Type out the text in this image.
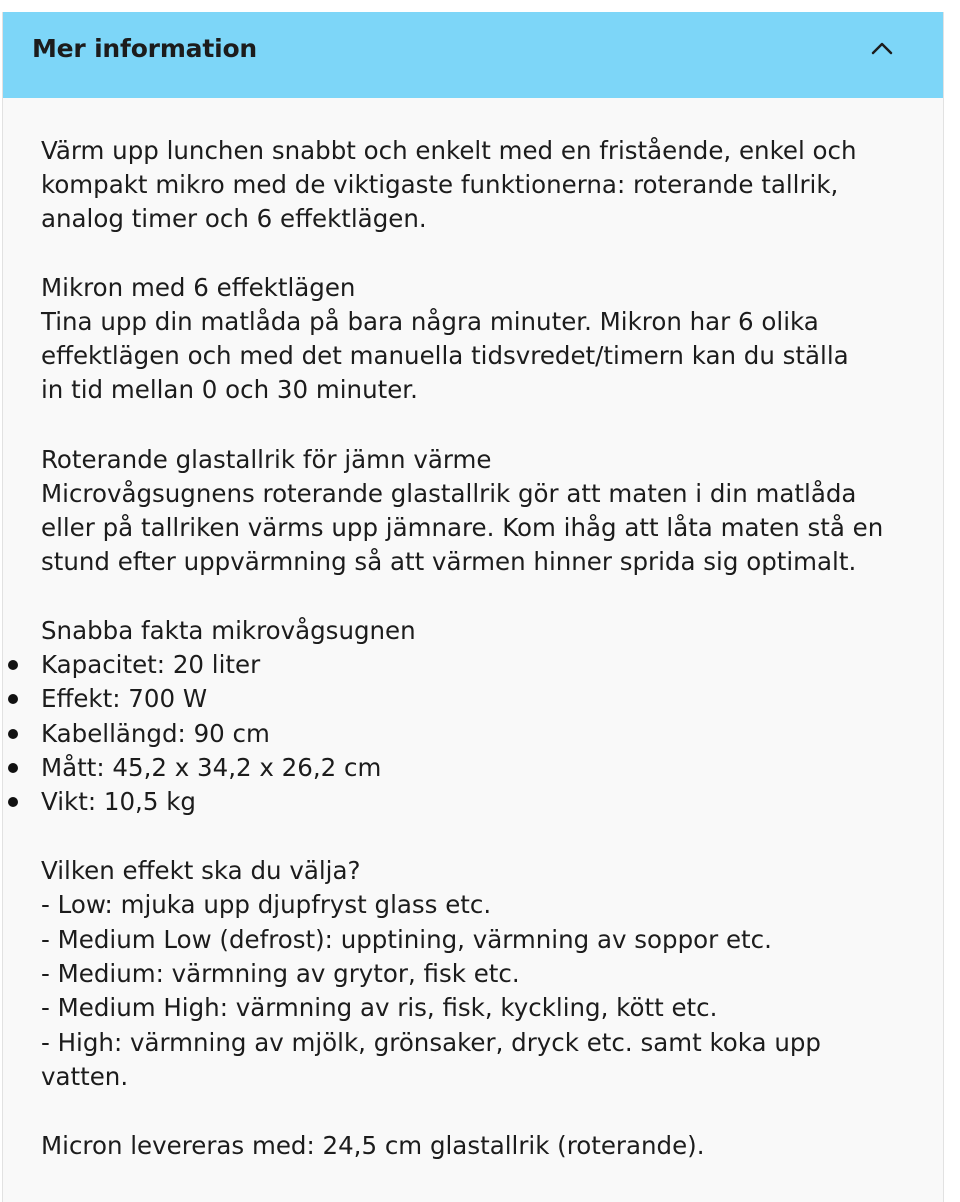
Mer information
Värm upp lunchen snabbt och enkelt med en fristående, enkel och
kompakt mikro med de viktigaste funktionerna: roterande tallrik,
analog timer och 6 effektlägen.
Mikron med 6 effektlägen
Tina upp din matlåda på bara några minuter. Mikron har 6 olika
effektlägen och med det manuella tidsvredet/timern kan du ställa
in tid mellan 0 och 30 minuter.
Roterande glastallrik för jämn värme
Microvågsugnens roterande glastallrik gör att maten i din matlåda
eller på tallriken värms upp jämnare. Kom ihåg att låta maten stå en
stund efter uppvärmning så att värmen hinner sprida sig optimalt.
Snabba fakta mikrovågsugnen
Kapacitet: 20 liter
Effekt: 700 W
Kabellängd: 90 cm
Mått: 45,2 x 34,2 x 26,2 cm
Vikt: 10,5 kg
Vilken effekt ska du välja?
- Low: mjuka upp djupfryst glass etc.
- Medium Low (defrost): upptining, värmning av soppor etc.
- Medium: värmning av grytor, fisk etc.
- Medium High: värmning av ris, fisk, kyckling, kött etc.
- High: värmning av mjölk, grönsaker, dryck etc. samt koka upp
vatten.
Micron levereras med: 24,5 cm glastallrik (roterande).
